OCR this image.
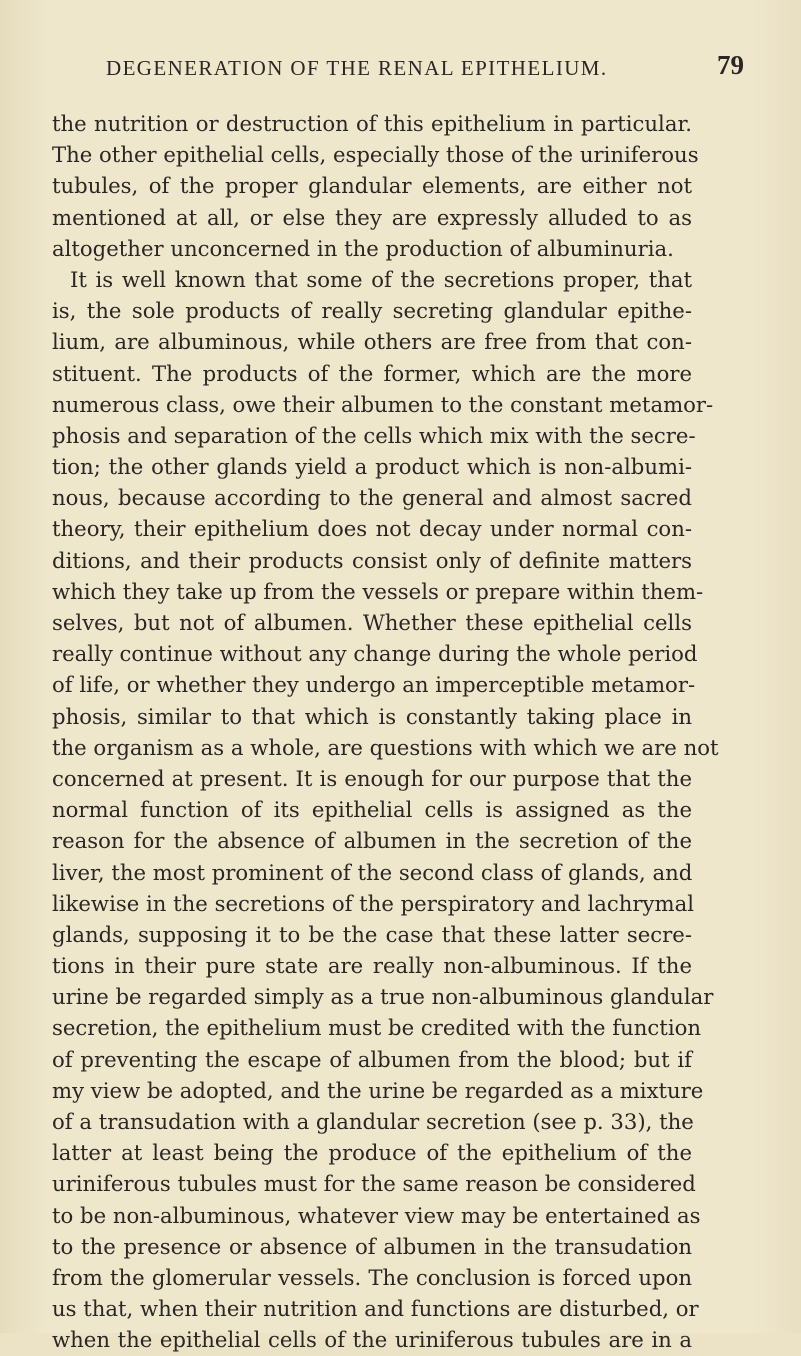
DEGENERATION OF THE RENAL EPITHELIUM.	79
the nutrition or destruction of this epithelium in particular.
The other epithelial cells, especially those of the uriniferous
tubules, of the proper glandular elements, are either not
mentioned at all, or else they are expressly alluded to as
altogether unconcerned in the production of albuminuria.
It is well known that some of the secretions proper, that
is, the sole products of really secreting glandular epithe-
lium, are albuminous, while others are free from that con-
stituent. The products of the former, which are the more
numerous class, owe their albumen to the constant metamor-
phosis and separation of the cells which mix with the secre-
tion; the other glands yield a product which is non-albumi-
nous, because according to the general and almost sacred
theory, their epithelium does not decay under normal con-
ditions, and their products consist only of definite matters
which they take up from the vessels or prepare within them-
selves, but not of albumen. Whether these epithelial cells
really continue without any change during the whole period
of life, or whether they undergo an imperceptible metamor-
phosis, similar to that which is constantly taking place in
the organism as a whole, are questions with which we are not
concerned at present. It is enough for our purpose that the
normal function of its epithelial cells is assigned as the
reason for the absence of albumen in the secretion of the
liver, the most prominent of the second class of glands, and
likewise in the secretions of the perspiratory and lachrymal
glands, supposing it to be the case that these latter secre-
tions in their pure state are really non-albuminous. If the
urine be regarded simply as a true non-albuminous glandular
secretion, the epithelium must be credited with the function
of preventing the escape of albumen from the blood; but if
my view be adopted, and the urine be regarded as a mixture
of a transudation with a glandular secretion (see p. 33), the
latter at least being the produce of the epithelium of the
uriniferous tubules must for the same reason be considered
to be non-albuminous, whatever view may be entertained as
to the presence or absence of albumen in the transudation
from the glomerular vessels. The conclusion is forced upon
us that, when their nutrition and functions are disturbed, or
when the epithelial cells of the uriniferous tubules are in a
